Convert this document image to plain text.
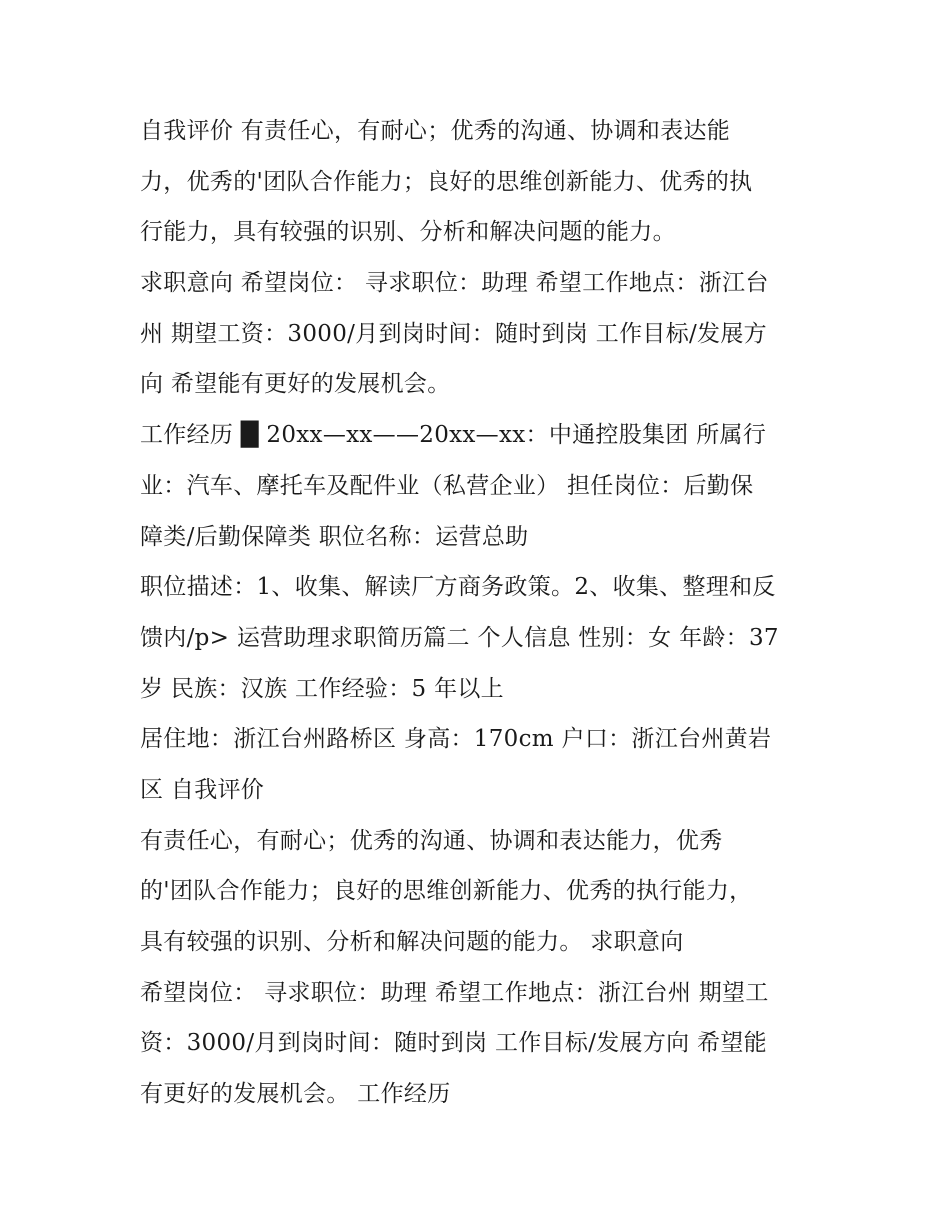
自我评价 有责任心，有耐心；优秀的沟通、协调和表达能
力，优秀的'团队合作能力；良好的思维创新能力、优秀的执
行能力，具有较强的识别、分析和解决问题的能力。
求职意向 希望岗位： 寻求职位：助理 希望工作地点：浙江台
州 期望工资：3000/月到岗时间：随时到岗 工作目标/发展方
向 希望能有更好的发展机会。
工作经历 █ 20xx—xx——20xx—xx：中通控股集团 所属行
业：汽车、摩托车及配件业（私营企业） 担任岗位：后勤保
障类/后勤保障类 职位名称：运营总助
职位描述：1、收集、解读厂方商务政策。2、收集、整理和反
馈内/p> 运营助理求职简历篇二 个人信息 性别：女 年龄：37
岁 民族：汉族 工作经验：5 年以上
居住地：浙江台州路桥区 身高：170cm 户口：浙江台州黄岩
区 自我评价
有责任心，有耐心；优秀的沟通、协调和表达能力，优秀
的'团队合作能力；良好的思维创新能力、优秀的执行能力，
具有较强的识别、分析和解决问题的能力。 求职意向
希望岗位： 寻求职位：助理 希望工作地点：浙江台州 期望工
资：3000/月到岗时间：随时到岗 工作目标/发展方向 希望能
有更好的发展机会。 工作经历
